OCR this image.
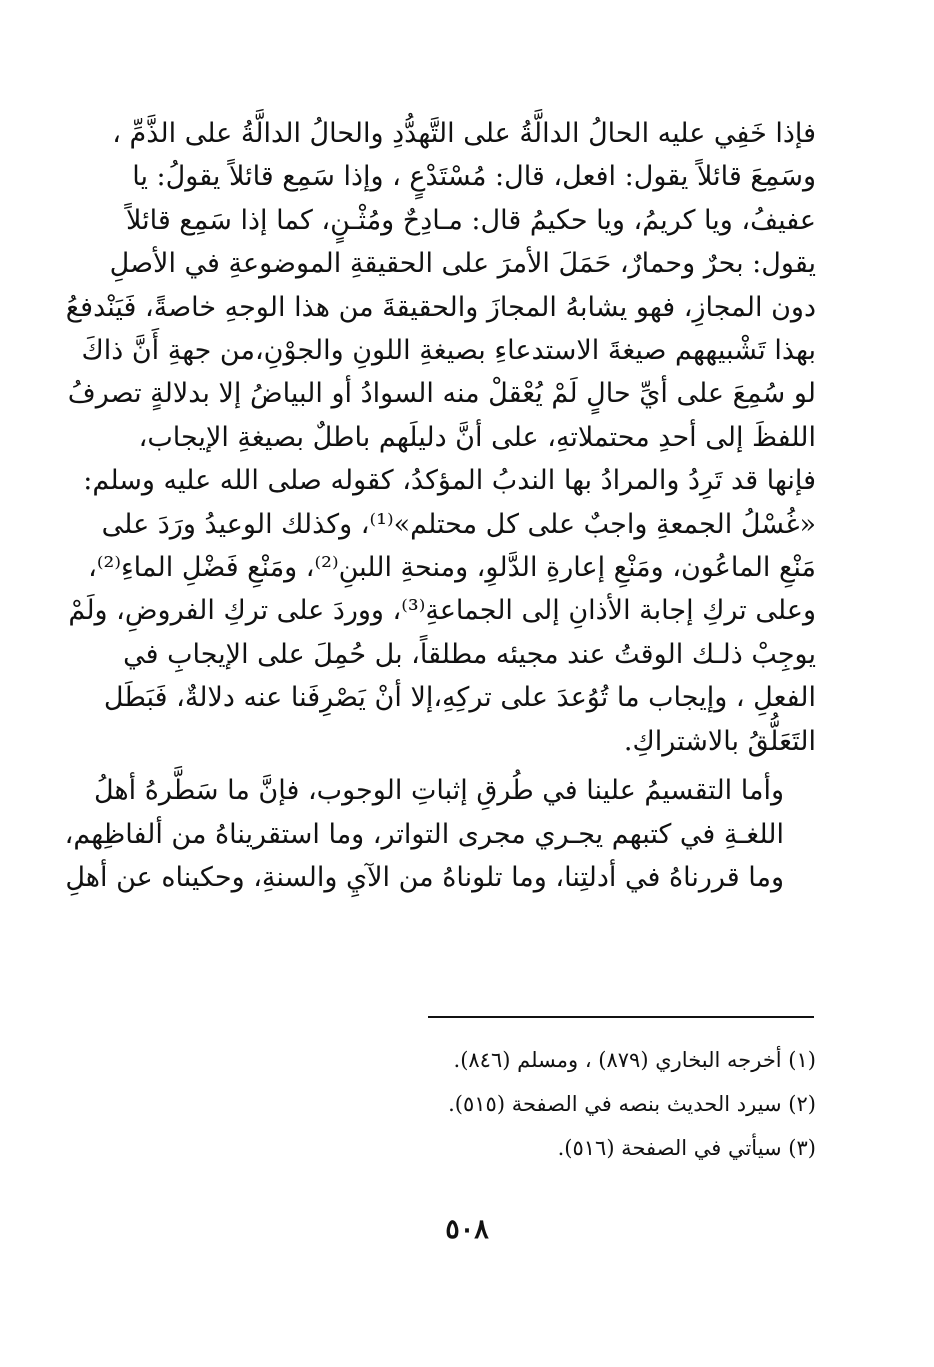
فإذا خَفِي عليه الحالُ الدالَّةُ على التَّهدُّدِ والحالُ الدالَّةُ على الذَّمِّ ،
وسَمِعَ قائلاً يقول: افعل، قال: مُسْتَدْعٍ ، وإذا سَمِع قائلاً يقولُ: يا
عفيفُ، ويا كريمُ، ويا حكيمُ قال: مـادِحٌ ومُثْـنٍ، كما إذا سَمِع قائلاً
يقول: بحرٌ وحمارٌ، حَمَلَ الأمرَ على الحقيقةِ الموضوعةِ في الأصلِ
دون المجازِ، فهو يشابهُ المجازَ والحقيقةَ من هذا الوجهِ خاصةً، فَيَنْدفعُ
بهذا تَشْبيههم صيغةَ الاستدعاءِ بصيغةِ اللونِ والجوْنِ،من جهةِ أَنَّ ذاكَ
لو سُمِعَ على أيِّ حالٍ لَمْ يُعْقلْ منه السوادُ أو البياضُ إلا بدلالةٍ تصرفُ
اللفظَ إلى أحدِ محتملاتهِ، على أنَّ دليلَهم باطلٌ بصيغةِ الإيجاب،
فإنها قد تَرِدُ والمرادُ بها الندبُ المؤكدُ، كقوله صلى الله عليه وسلم:
«غُسْلُ الجمعةِ واجبٌ على كل محتلم»⁽¹⁾، وكذلك الوعيدُ ورَدَ على
مَنْعِ الماعُون، ومَنْعِ إعارةِ الدَّلوِ، ومنحةِ اللبنِ⁽²⁾، ومَنْعِ فَضْلِ الماءِ⁽²⁾،
وعلى تركِ إجابة الأذانِ إلى الجماعةِ⁽³⁾، ووردَ على تركِ الفروضِ، ولَمْ
يوجِبْ ذلـك الوقتُ عند مجيئه مطلقاً، بل حُمِلَ على الإيجابِ في
الفعلِ ، وإيجاب ما تُوُعدَ على تركِهِ،إلا أنْ يَصْرِفَنا عنه دلالةٌ، فَبَطَل
التَعَلُّقُ بالاشتراكِ.

وأما التقسيمُ علينا في طُرقِ إثباتِ الوجوب، فإنَّ ما سَطَّرهُ أهلُ
اللغـةِ في كتبهم يجـري مجرى التواتر، وما استقريناهُ من ألفاظِهم،
وما قررناهُ في أدلتِنا، وما تلوناهُ من الآيِ والسنةِ، وحكيناه عن أهلِ

(١) أخرجه البخاري (٨٧٩) ، ومسلم (٨٤٦).
(٢) سيرد الحديث بنصه في الصفحة (٥١٥).
(٣) سيأتي في الصفحة (٥١٦).
٥٠٨
